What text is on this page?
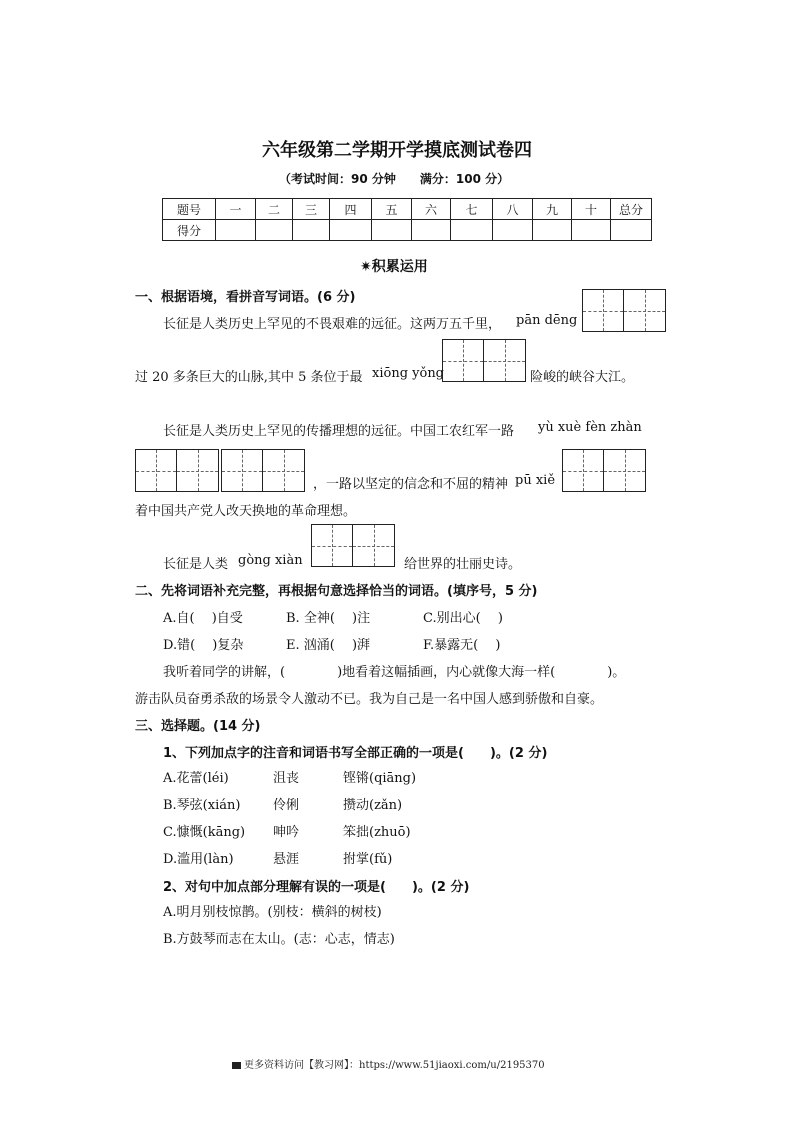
六年级第二学期开学摸底测试卷四
（考试时间：90 分钟　　满分：100 分）
题号	一	二	三	四	五	六	七	八	九	十	总分
得分											
✷积累运用
一、根据语境，看拼音写词语。(6 分)
长征是人类历史上罕见的不畏艰难的远征。这两万五千里， pān dēng
过 20 多条巨大的山脉,其中 5 条位于最 xiōng yǒng	险峻的峡谷大江。
长征是人类历史上罕见的传播理想的远征。中国工农红军一路 yù xuè fèn zhàn
，一路以坚定的信念和不屈的精神 pū xiě
着中国共产党人改天换地的革命理想。
长征是人类 gòng xiàn	给世界的壮丽史诗。
二、先将词语补充完整，再根据句意选择恰当的词语。(填序号，5 分)
A.自(　 )自受	B. 全神(　 )注	C.别出心(　 )
D.错(　 )复杂	E. 汹涌(　 )湃	F.暴露无(　 )
我听着同学的讲解，(　　　　)地看着这幅插画，内心就像大海一样(　　　　)。
游击队员奋勇杀敌的场景令人激动不已。我为自己是一名中国人感到骄傲和自豪。
三、选择题。(14 分)
1、下列加点字的注音和词语书写全部正确的一项是(　　)。(2 分)
A.花蕾(léi)	沮丧	铿锵(qiāng)
B.琴弦(xián)	伶俐	攒动(zǎn)
C.慷慨(kāng) 呻吟	笨拙(zhuō)
D.滥用(làn)	悬涯	拊掌(fǔ)
2、对句中加点部分理解有误的一项是(　　)。(2 分)
A.明月别枝惊鹊。(别枝：横斜的树枝)
B.方鼓琴而志在太山。(志：心志，情志)
更多资料访问【教习网】：https://www.51jiaoxi.com/u/2195370
